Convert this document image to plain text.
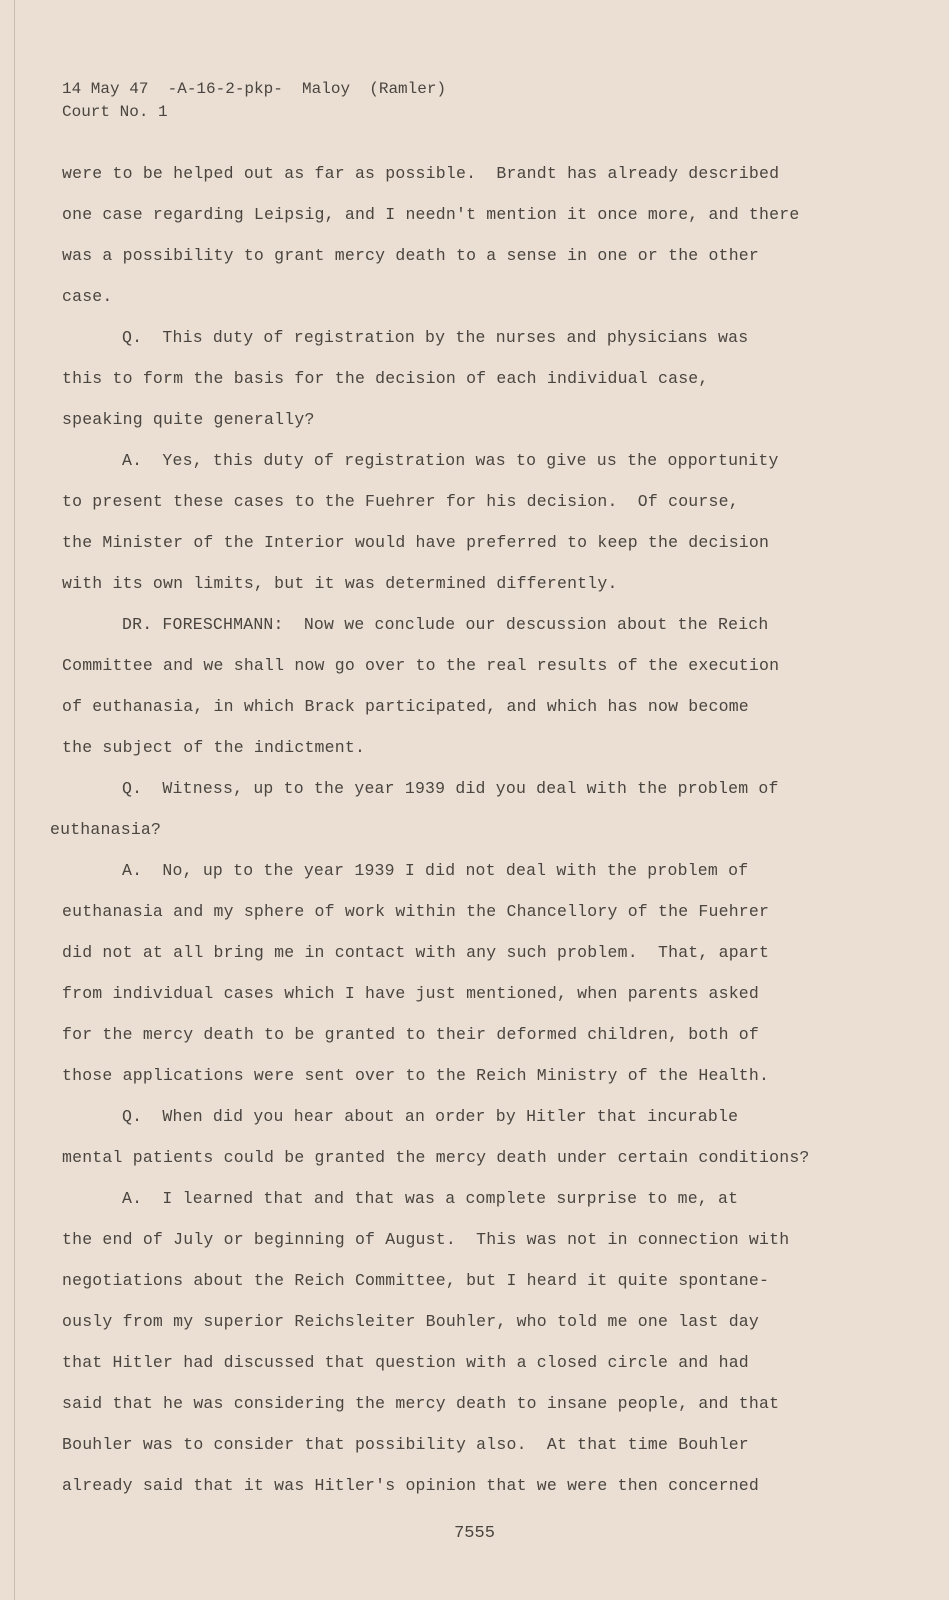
14 May 47  -A-16-2-pkp-  Maloy  (Ramler)
Court No. 1
were to be helped out as far as possible.  Brandt has already described
one case regarding Leipsig, and I needn't mention it once more, and there
was a possibility to grant mercy death to a sense in one or the other
case.
Q.  This duty of registration by the nurses and physicians was
this to form the basis for the decision of each individual case,
speaking quite generally?
A.  Yes, this duty of registration was to give us the opportunity
to present these cases to the Fuehrer for his decision.  Of course,
the Minister of the Interior would have preferred to keep the decision
with its own limits, but it was determined differently.
DR. FORESCHMANN:  Now we conclude our descussion about the Reich
Committee and we shall now go over to the real results of the execution
of euthanasia, in which Brack participated, and which has now become
the subject of the indictment.
Q.  Witness, up to the year 1939 did you deal with the problem of
euthanasia?
A.  No, up to the year 1939 I did not deal with the problem of
euthanasia and my sphere of work within the Chancellory of the Fuehrer
did not at all bring me in contact with any such problem.  That, apart
from individual cases which I have just mentioned, when parents asked
for the mercy death to be granted to their deformed children, both of
those applications were sent over to the Reich Ministry of the Health.
Q.  When did you hear about an order by Hitler that incurable
mental patients could be granted the mercy death under certain conditions?
A.  I learned that and that was a complete surprise to me, at
the end of July or beginning of August.  This was not in connection with
negotiations about the Reich Committee, but I heard it quite spontane-
ously from my superior Reichsleiter Bouhler, who told me one last day
that Hitler had discussed that question with a closed circle and had
said that he was considering the mercy death to insane people, and that
Bouhler was to consider that possibility also.  At that time Bouhler
already said that it was Hitler's opinion that we were then concerned
7555
